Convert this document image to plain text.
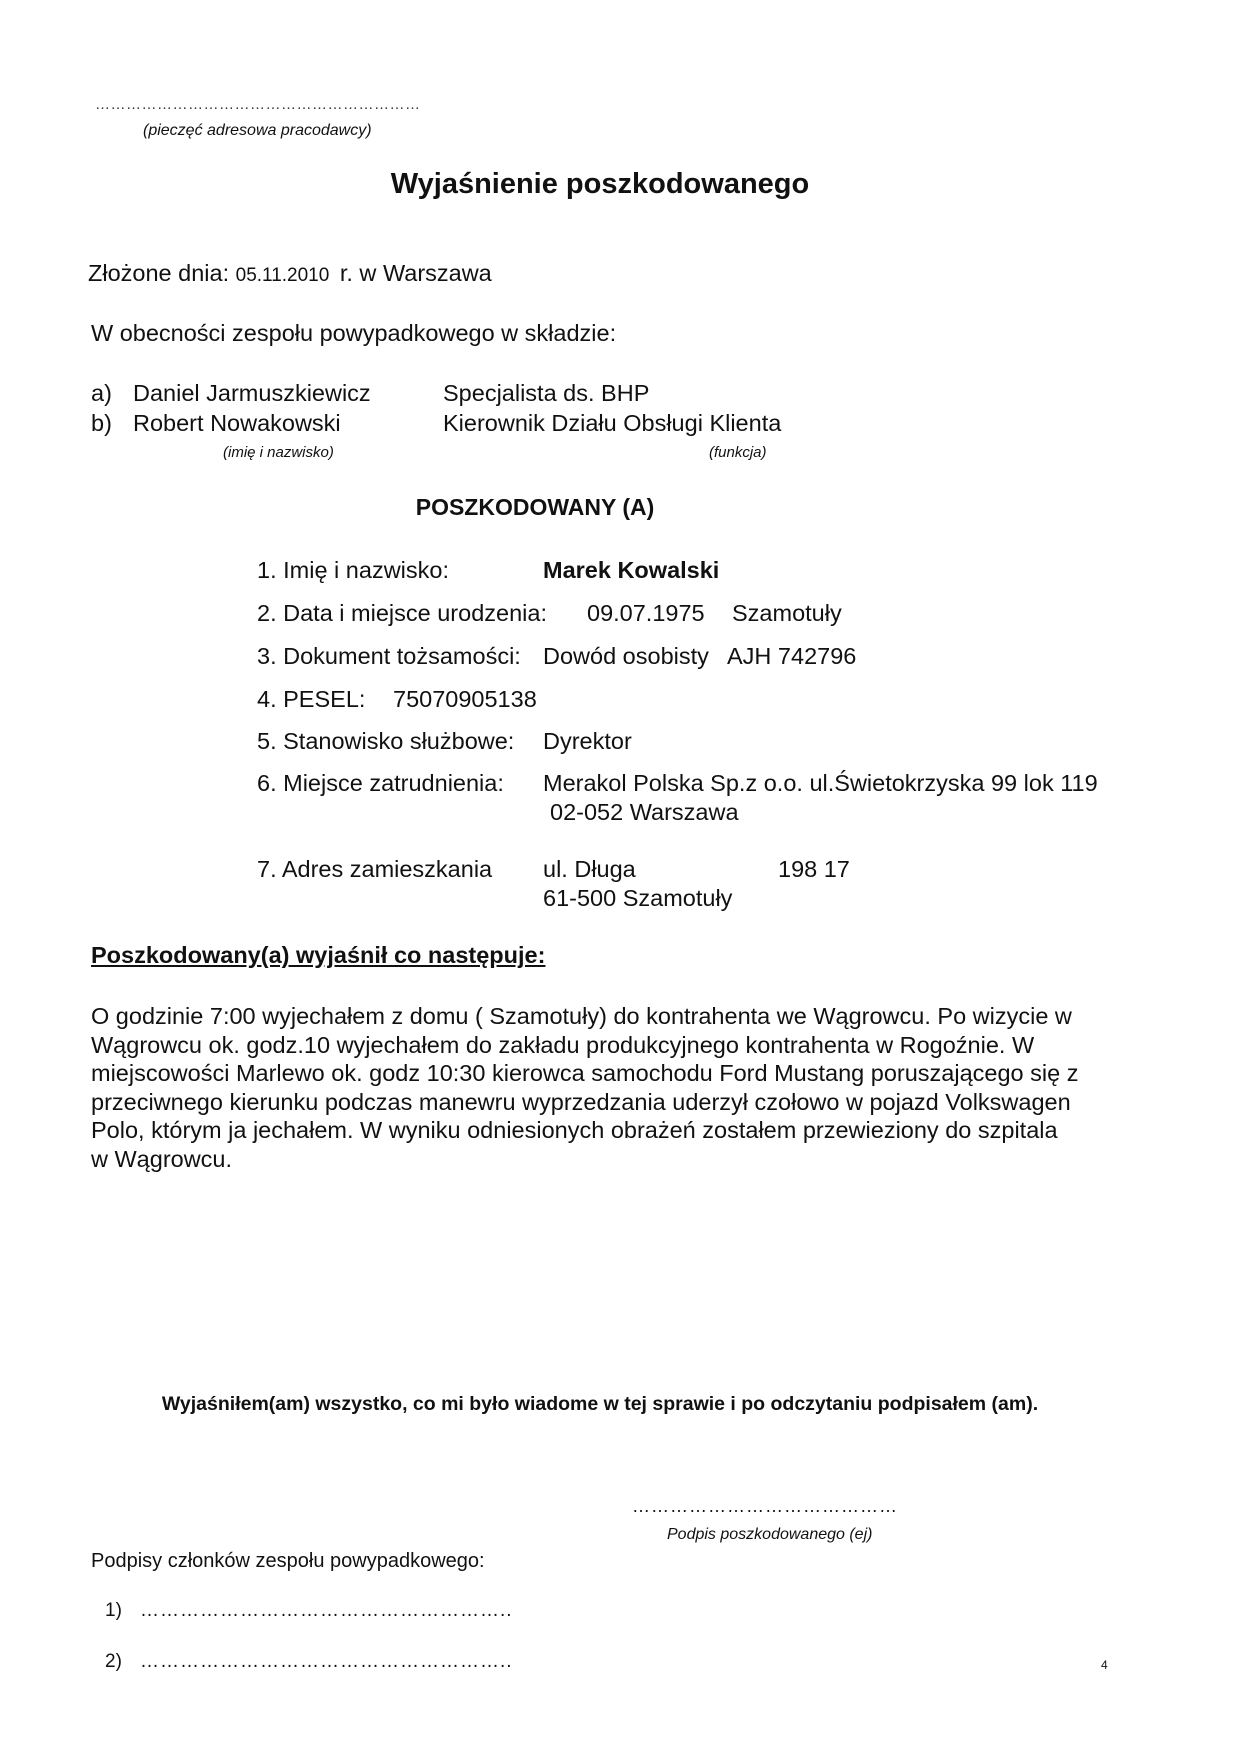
………………………………………………………
(pieczęć adresowa pracodawcy)
Wyjaśnienie poszkodowanego
Złożone dnia: 05.11.2010 r. w Warszawa
W obecności zespołu powypadkowego w składzie:
a) Daniel Jarmuszkiewicz	Specjalista ds. BHP
b) Robert Nowakowski	Kierownik Działu Obsługi Klienta
(imię i nazwisko)	(funkcja)
POSZKODOWANY (A)
1. Imię i nazwisko:	Marek Kowalski
2. Data i miejsce urodzenia: 09.07.1975 Szamotuły
3. Dokument tożsamości: Dowód osobisty AJH 742796
4. PESEL: 75070905138
5. Stanowisko służbowe: Dyrektor
6. Miejsce zatrudnienia: Merakol Polska Sp.z o.o. ul.Świetokrzyska 99 lok 119
02-052 Warszawa
7. Adres zamieszkania ul. Długa	198 17
61-500 Szamotuły
Poszkodowany(a) wyjaśnił co następuje:
O godzinie 7:00 wyjechałem z domu ( Szamotuły) do kontrahenta we Wągrowcu. Po wizycie w Wągrowcu ok. godz.10 wyjechałem do zakładu produkcyjnego kontrahenta w Rogoźnie. W miejscowości Marlewo ok. godz 10:30 kierowca samochodu Ford Mustang poruszającego się z przeciwnego kierunku podczas manewru wyprzedzania uderzył czołowo w pojazd Volkswagen Polo, którym ja jechałem. W wyniku odniesionych obrażeń zostałem przewieziony do szpitala w Wągrowcu.
Wyjaśniłem(am) wszystko, co mi było wiadome w tej sprawie i po odczytaniu podpisałem (am).
……………………………………
Podpis poszkodowanego (ej)
Podpisy członków zespołu powypadkowego:
1) ………………………………………………..
2) ………………………………………………..	4
